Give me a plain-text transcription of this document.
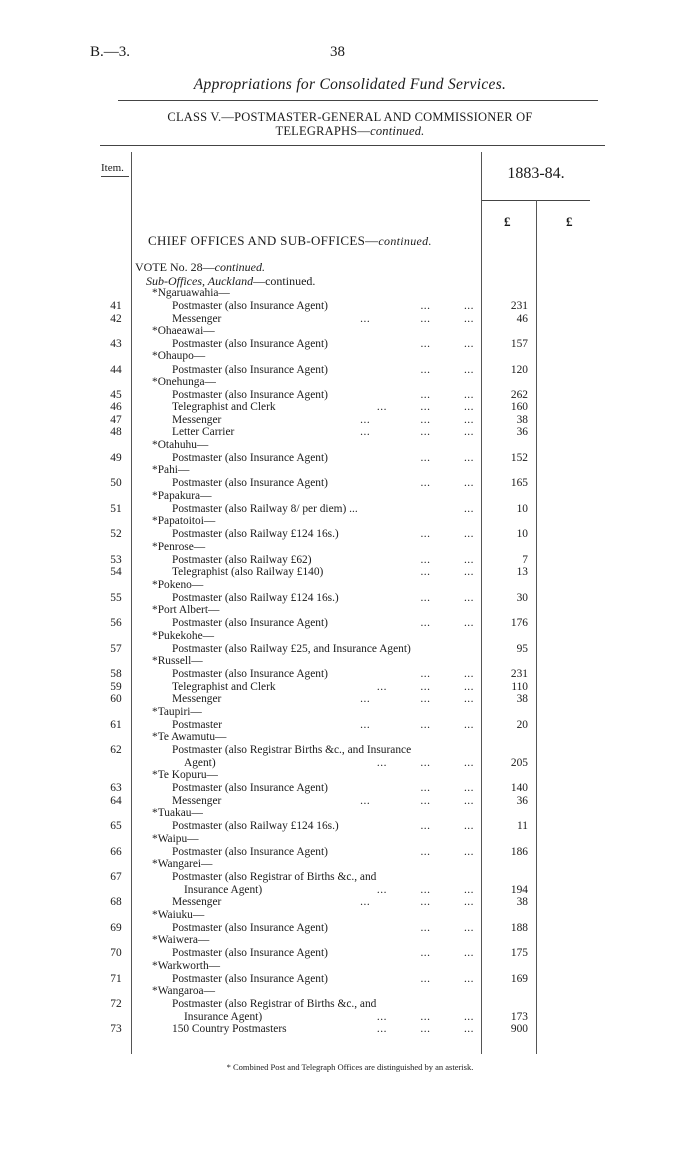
B.—3.	38
Appropriations for Consolidated Fund Services.
CLASS V.—POSTMASTER-GENERAL AND COMMISSIONER OF
TELEGRAPHS—continued.
Item.	1883-84.
£	£
CHIEF OFFICES AND SUB-OFFICES—continued.
VOTE No. 28—continued.
Sub-Offices, Auckland—continued.
*Ngaruawahia—
41	Postmaster (also Insurance Agent)	...          ...	231
42	Messenger	...               ...          ...	46
*Ohaeawai—
43	Postmaster (also Insurance Agent)	...          ...	157
*Ohaupo—
44	Postmaster (also Insurance Agent)	...          ...	120
*Onehunga—
45	Postmaster (also Insurance Agent)	...          ...	262
46	Telegraphist and Clerk	...          ...          ...	160
47	Messenger	...               ...          ...	38
48	Letter Carrier	...               ...          ...	36
*Otahuhu—
49	Postmaster (also Insurance Agent)	...          ...	152
*Pahi—
50	Postmaster (also Insurance Agent)	...          ...	165
*Papakura—
51	Postmaster (also Railway 8/ per diem) ...	...	10
*Papatoitoi—
52	Postmaster (also Railway £124 16s.)	...          ...	10
*Penrose—
53	Postmaster (also Railway £62)	...          ...	7
54	Telegraphist (also Railway £140)	...          ...	13
*Pokeno—
55	Postmaster (also Railway £124 16s.)	...          ...	30
*Port Albert—
56	Postmaster (also Insurance Agent)	...          ...	176
*Pukekohe—
57	Postmaster (also Railway £25, and Insurance Agent)	95
*Russell—
58	Postmaster (also Insurance Agent)	...          ...	231
59	Telegraphist and Clerk	...          ...          ...	110
60	Messenger	...               ...          ...	38
*Taupiri—
61	Postmaster	...               ...          ...	20
*Te Awamutu—
62	Postmaster (also Registrar Births &c., and Insurance
Agent)	...          ...          ...	205
*Te Kopuru—
63	Postmaster (also Insurance Agent)	...          ...	140
64	Messenger	...               ...          ...	36
*Tuakau—
65	Postmaster (also Railway £124 16s.)	...          ...	11
*Waipu—
66	Postmaster (also Insurance Agent)	...          ...	186
*Wangarei—
67	Postmaster (also Registrar of Births &c., and
Insurance Agent)	...          ...          ...	194
68	Messenger	...               ...          ...	38
*Waiuku—
69	Postmaster (also Insurance Agent)	...          ...	188
*Waiwera—
70	Postmaster (also Insurance Agent)	...          ...	175
*Warkworth—
71	Postmaster (also Insurance Agent)	...          ...	169
*Wangaroa—
72	Postmaster (also Registrar of Births &c., and
Insurance Agent)	...          ...          ...	173
73	150 Country Postmasters	...          ...          ...	900
* Combined Post and Telegraph Offices are distinguished by an asterisk.
